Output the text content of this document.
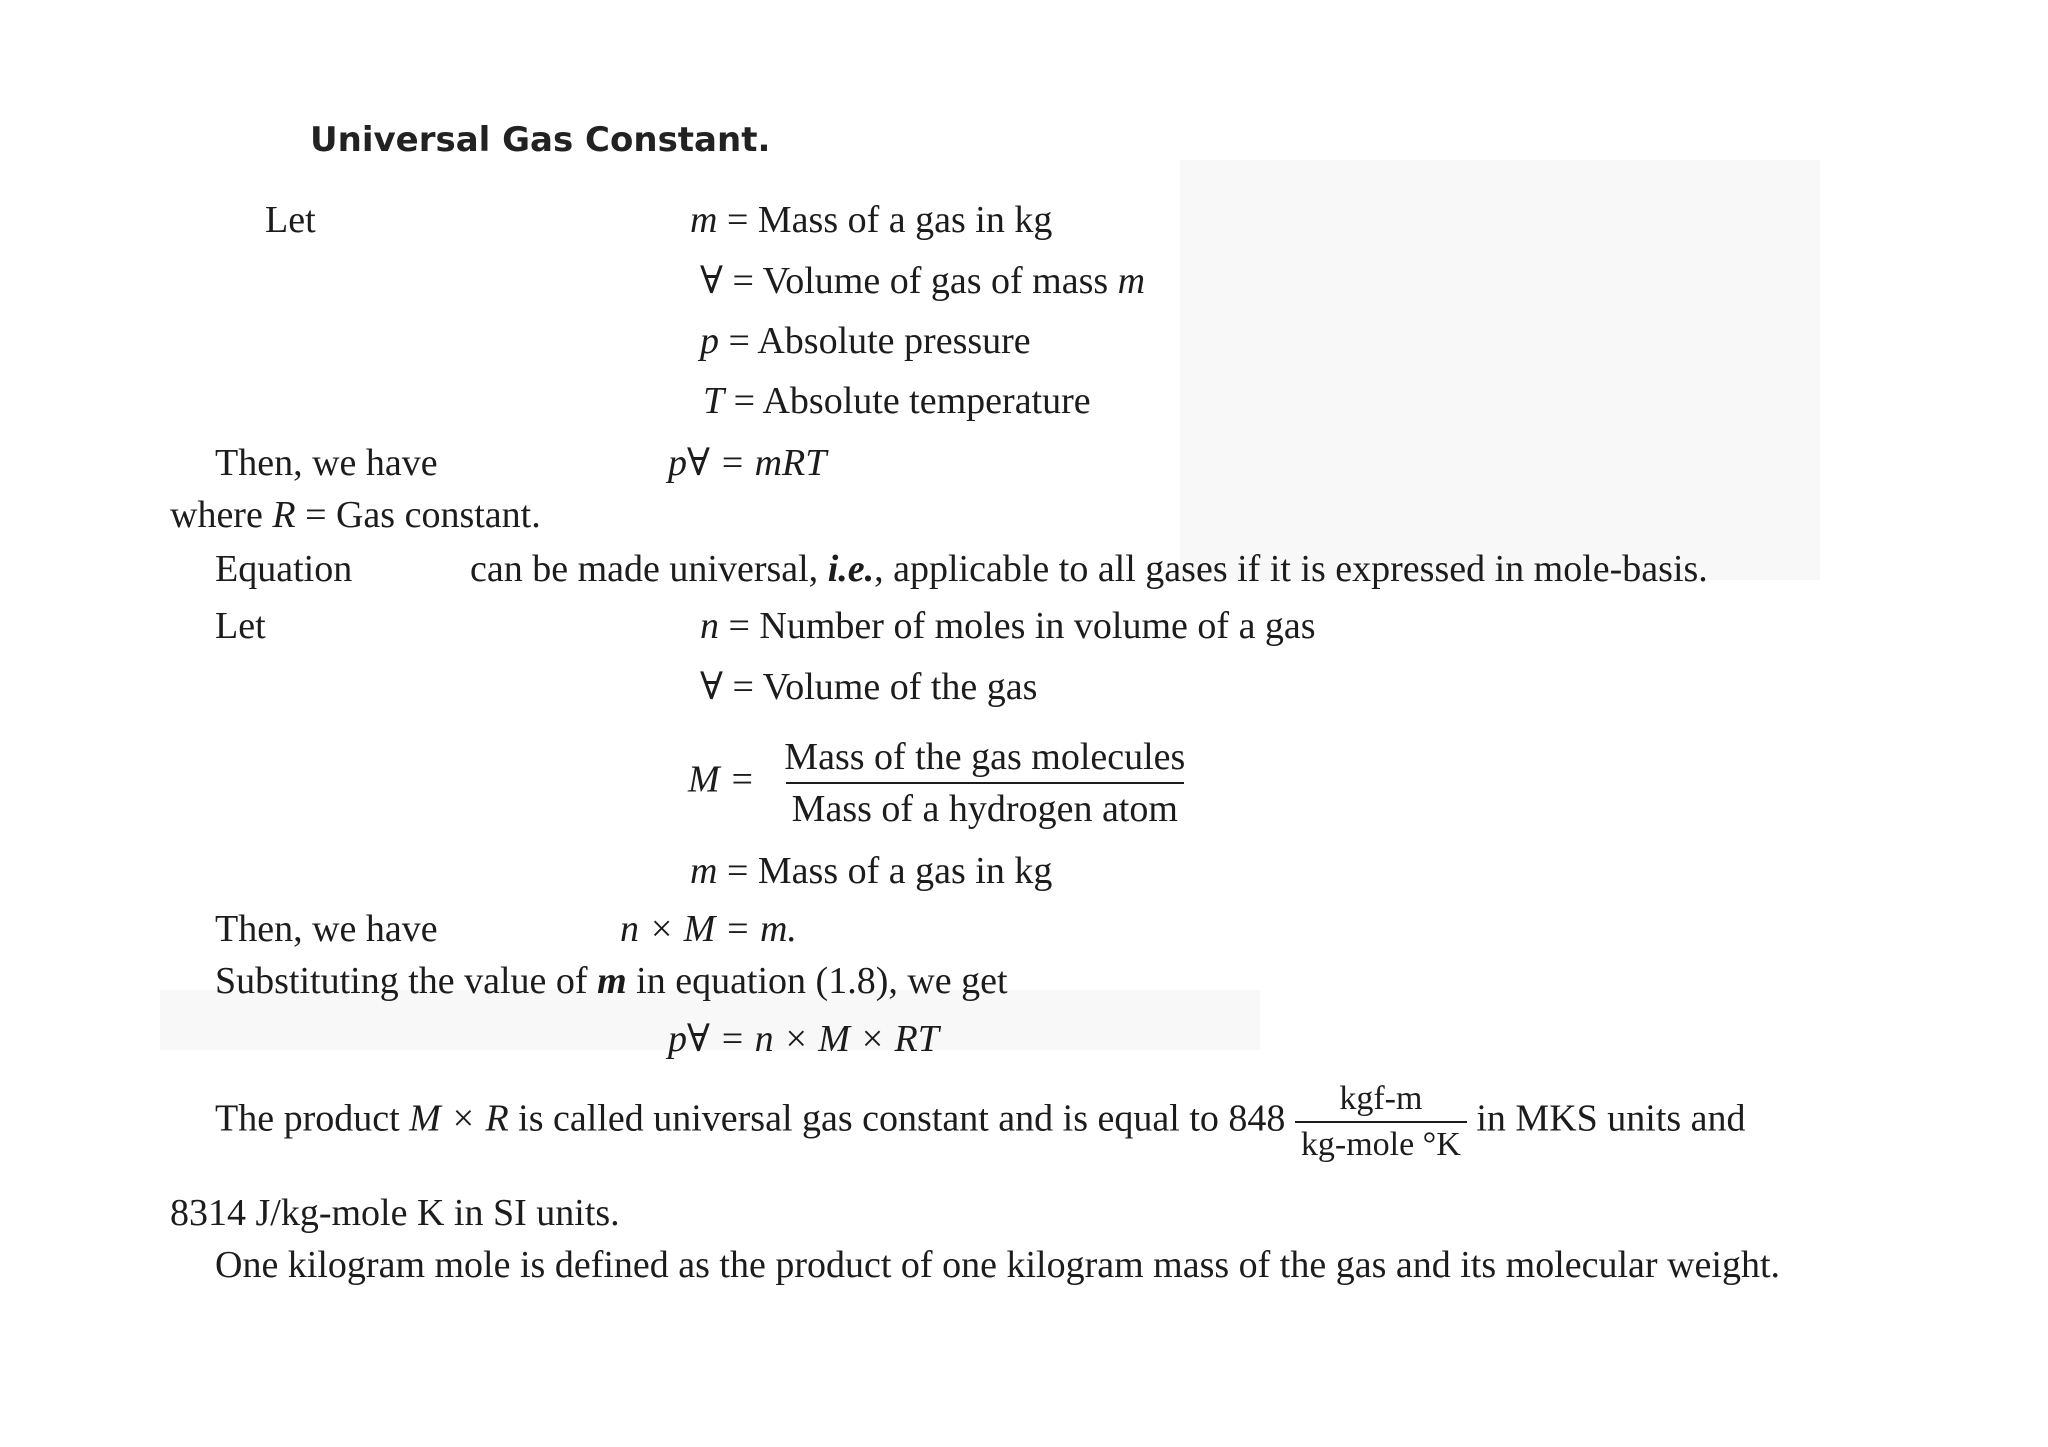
Universal Gas Constant.
Let	m = Mass of a gas in kg
∀ = Volume of gas of mass m
p = Absolute pressure
T = Absolute temperature
Then, we have	p∀ = mRT
where R = Gas constant.
Equation	can be made universal, i.e., applicable to all gases if it is expressed in mole-basis.
Let	n = Number of moles in volume of a gas
∀ = Volume of the gas
$M = \frac{\text{Mass of the gas molecules}}{\text{Mass of a hydrogen atom}}$
m = Mass of a gas in kg
Then, we have	n × M = m.
Substituting the value of m in equation (1.8), we get
p∀ = n × M × RT
The product M × R is called universal gas constant and is equal to $848 \frac{\text{kgf-m}}{\text{kg-mole °K}}$ in MKS units and
8314 J/kg-mole K in SI units.
One kilogram mole is defined as the product of one kilogram mass of the gas and its molecular weight.
